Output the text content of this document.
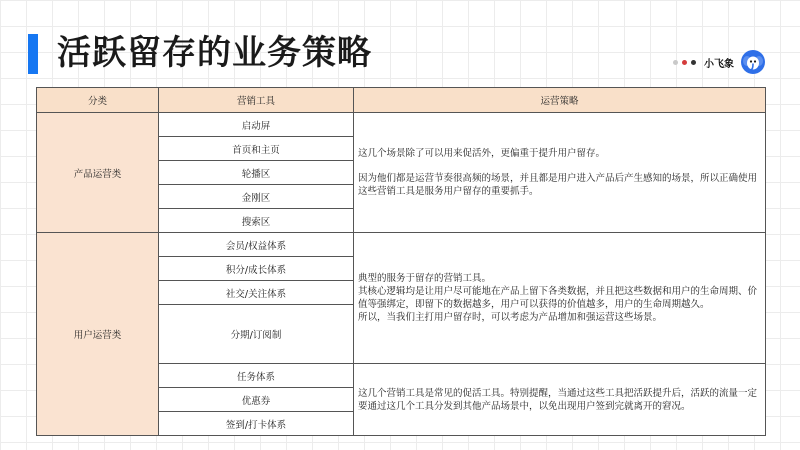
活跃留存的业务策略	小飞象
分类	营销工具	运营策略
产品运营类	启动屏	这几个场景除了可以用来促活外，更偏重于提升用户留存。
因为他们都是运营节奏很高频的场景，并且都是用户进入产品后产生感知的场景，所以正确使用这些营销工具是服务用户留存的重要抓手。

	首页和主页	
	轮播区	
	金刚区	
	搜索区	
用户运营类	会员/权益体系	典型的服务于留存的营销工具。
其核心逻辑均是让用户尽可能地在产品上留下各类数据，并且把这些数据和用户的生命周期、价值等强绑定，即留下的数据越多，用户可以获得的价值越多，用户的生命周期越久。
所以，当我们主打用户留存时，可以考虑为产品增加和强运营这些场景。

	积分/成长体系	
	社交/关注体系	
	分期/订阅制	
	任务体系	这几个营销工具是常见的促活工具。特别提醒，当通过这些工具把活跃提升后，活跃的流量一定要通过这几个工具分发到其他产品场景中，以免出现用户签到完就离开的窘况。

	优惠券	
	签到/打卡体系	
